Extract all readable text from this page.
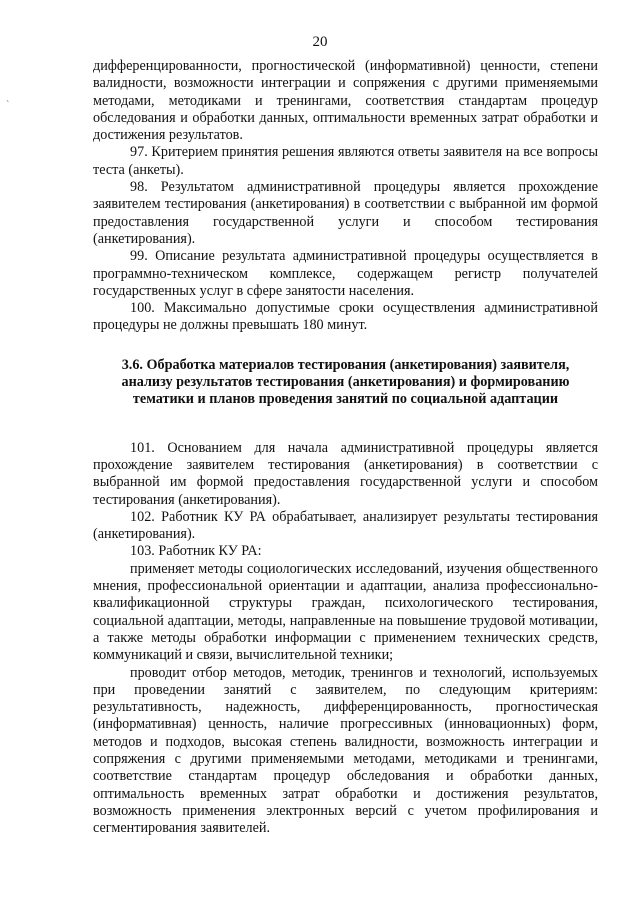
20
`

дифференцированности, прогностической (информативной) ценности, степени валидности, возможности интеграции и сопряжения с другими применяемыми методами, методиками и тренингами, соответствия стандартам процедур обследования и обработки данных, оптимальности временных затрат обработки и достижения результатов.

97. Критерием принятия решения являются ответы заявителя на все вопросы теста (анкеты).

98. Результатом административной процедуры является прохождение заявителем тестирования (анкетирования) в соответствии с выбранной им формой предоставления государственной услуги и способом тестирования (анкетирования).

99. Описание результата административной процедуры осуществляется в программно-техническом комплексе, содержащем регистр получателей государственных услуг в сфере занятости населения.

100. Максимально допустимые сроки осуществления административной процедуры не должны превышать 180 минут.

3.6. Обработка материалов тестирования (анкетирования) заявителя, анализу результатов тестирования (анкетирования) и формированию тематики и планов проведения занятий по социальной адаптации

101. Основанием для начала административной процедуры является прохождение заявителем тестирования (анкетирования) в соответствии с выбранной им формой предоставления государственной услуги и способом тестирования (анкетирования).

102. Работник КУ РА обрабатывает, анализирует результаты тестирования (анкетирования).

103. Работник КУ РА:

применяет методы социологических исследований, изучения общественного мнения, профессиональной ориентации и адаптации, анализа профессионально-квалификационной структуры граждан, психологического тестирования, социальной адаптации, методы, направленные на повышение трудовой мотивации, а также методы обработки информации с применением технических средств, коммуникаций и связи, вычислительной техники;

проводит отбор методов, методик, тренингов и технологий, используемых при проведении занятий с заявителем, по следующим критериям: результативность, надежность, дифференцированность, прогностическая (информативная) ценность, наличие прогрессивных (инновационных) форм, методов и подходов, высокая степень валидности, возможность интеграции и сопряжения с другими применяемыми методами, методиками и тренингами, соответствие стандартам процедур обследования и обработки данных, оптимальность временных затрат обработки и достижения результатов, возможность применения электронных версий с учетом профилирования и сегментирования заявителей.
